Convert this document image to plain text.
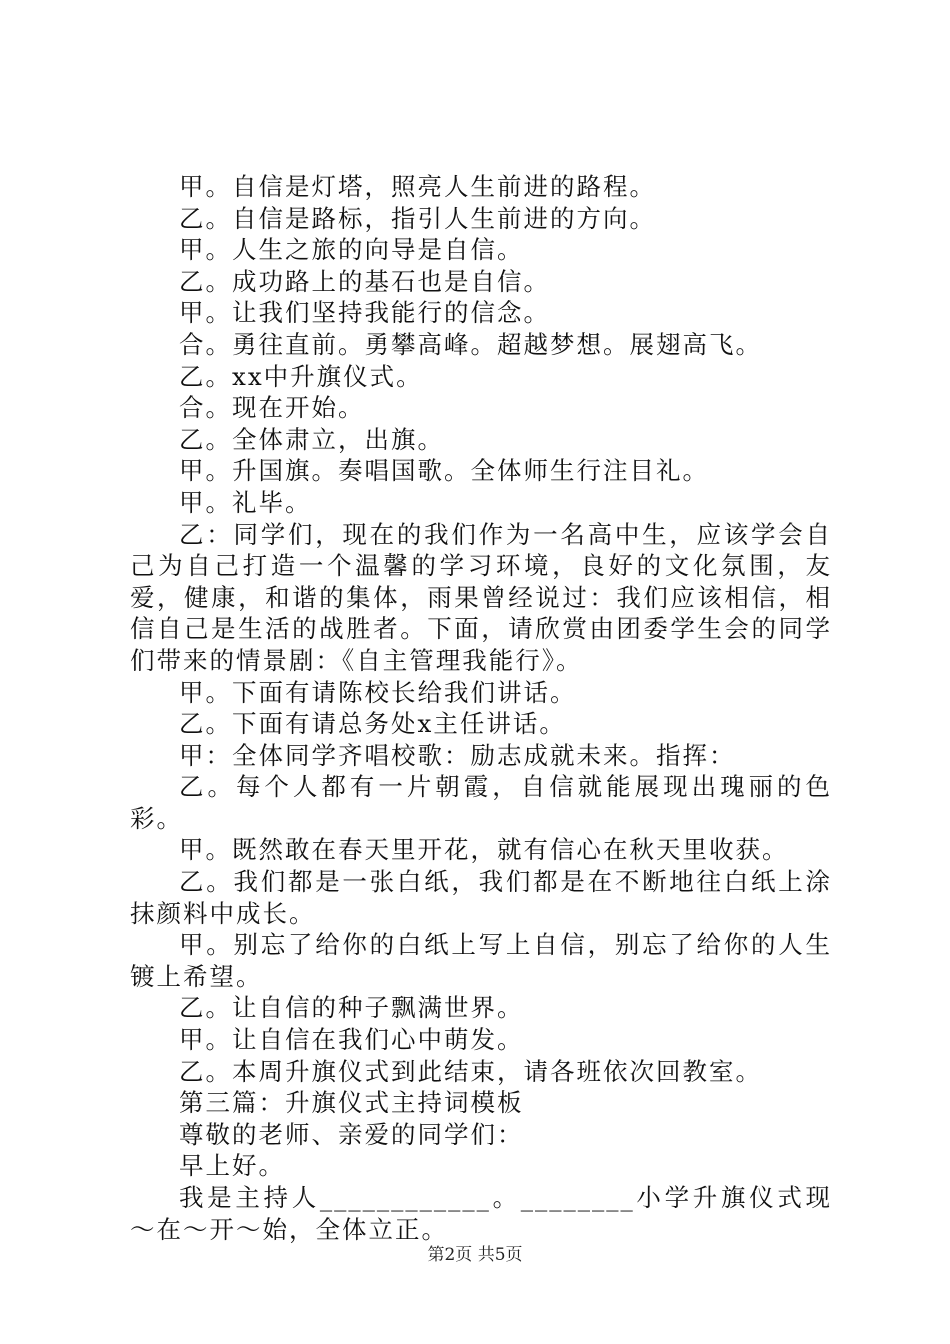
甲。自信是灯塔，照亮人生前进的路程。

乙。自信是路标，指引人生前进的方向。

甲。人生之旅的向导是自信。

乙。成功路上的基石也是自信。

甲。让我们坚持我能行的信念。

合。勇往直前。勇攀高峰。超越梦想。展翅高飞。

乙。xx中升旗仪式。

合。现在开始。

乙。全体肃立，出旗。

甲。升国旗。奏唱国歌。全体师生行注目礼。

甲。礼毕。

乙：同学们，现在的我们作为一名高中生，应该学会自己为自己打造一个温馨的学习环境，良好的文化氛围，友爱，健康，和谐的集体，雨果曾经说过：我们应该相信，相信自己是生活的战胜者。下面，请欣赏由团委学生会的同学们带来的情景剧：《自主管理我能行》。

甲。下面有请陈校长给我们讲话。

乙。下面有请总务处x主任讲话。

甲：全体同学齐唱校歌：励志成就未来。指挥：

乙。每个人都有一片朝霞，自信就能展现出瑰丽的色彩。

甲。既然敢在春天里开花，就有信心在秋天里收获。

乙。我们都是一张白纸，我们都是在不断地往白纸上涂抹颜料中成长。

甲。别忘了给你的白纸上写上自信，别忘了给你的人生镀上希望。

乙。让自信的种子飘满世界。

甲。让自信在我们心中萌发。

乙。本周升旗仪式到此结束，请各班依次回教室。

第三篇：升旗仪式主持词模板

尊敬的老师、亲爱的同学们：

早上好。

我是主持人____________。________小学升旗仪式现～在～开～始，全体立正。

第2页 共5页
